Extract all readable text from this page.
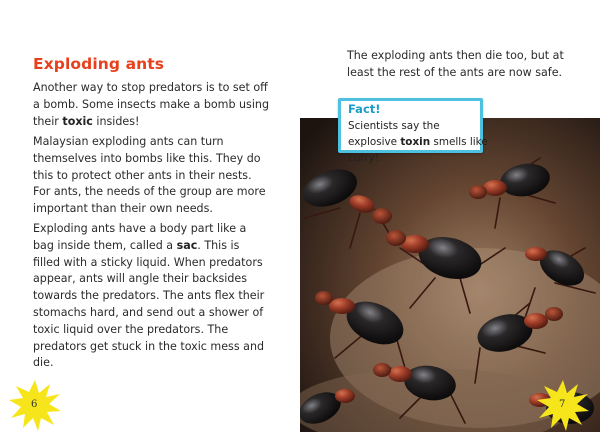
Exploding ants

Another way to stop predators is to set off a bomb. Some insects make a bomb using their toxic insides!

Malaysian exploding ants can turn themselves into bombs like this. They do this to protect other ants in their nests. For ants, the needs of the group are more important than their own needs.

Exploding ants have a body part like a bag inside them, called a sac. This is filled with a sticky liquid. When predators appear, ants will angle their backsides towards the predators. The ants flex their stomachs hard, and send out a shower of toxic liquid over the predators. The predators get stuck in the toxic mess and die.

6

The exploding ants then die too, but at least the rest of the ants are now safe.

Fact!

Scientists say the explosive toxin smells like curry!

7
